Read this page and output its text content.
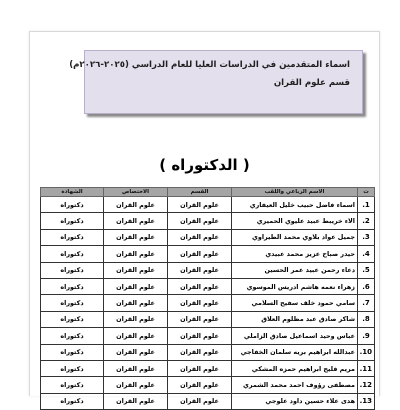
اسماء المتقدمين في الدراسات العليا للعام الدراسي (٢٠٢٥-٢٠٢٦م)
قسم علوم القران
( الدكتوراه )
ت	الاسم الرباعي واللقب	القسم	الاختصاص	الشهادة
1.	اسماء فاضل حبيب خليل العيفاري	علوم القران	علوم القران	دكتوراه
2.	الاء خريبط عبيد عليوي الحميري	علوم القران	علوم القران	دكتوراه
3.	جميل عواد بلاوي محمد الطيراوي	علوم القران	علوم القران	دكتوراه
4.	حيدر صباح عزيز محمد عبيدي	علوم القران	علوم القران	دكتوراه
5.	دعاء رحمن عبيد عمر الحسين	علوم القران	علوم القران	دكتوراه
6.	زهراء نعمه هاشم ادريس الموسوي	علوم القران	علوم القران	دكتوراه
7.	سامي حمود خلف سفيح السلامي	علوم القران	علوم القران	دكتوراه
8.	شاكر صادق عبد مظلوم العلاق	علوم القران	علوم القران	دكتوراه
9.	عباس وحيد اسماعيل صادق الزاملي	علوم القران	علوم القران	دكتوراه
10.	عبدالله ابراهيم بريه سلمان الخفاجي	علوم القران	علوم القران	دكتوراه
11.	مريم فليح ابراهيم حمزه المشكي	علوم القران	علوم القران	دكتوراه
12.	مصطفى رؤوف احمد محمد الشمري	علوم القران	علوم القران	دكتوراه
13.	هدى علاء حسين داود علوجي	علوم القران	علوم القران	دكتوراه
